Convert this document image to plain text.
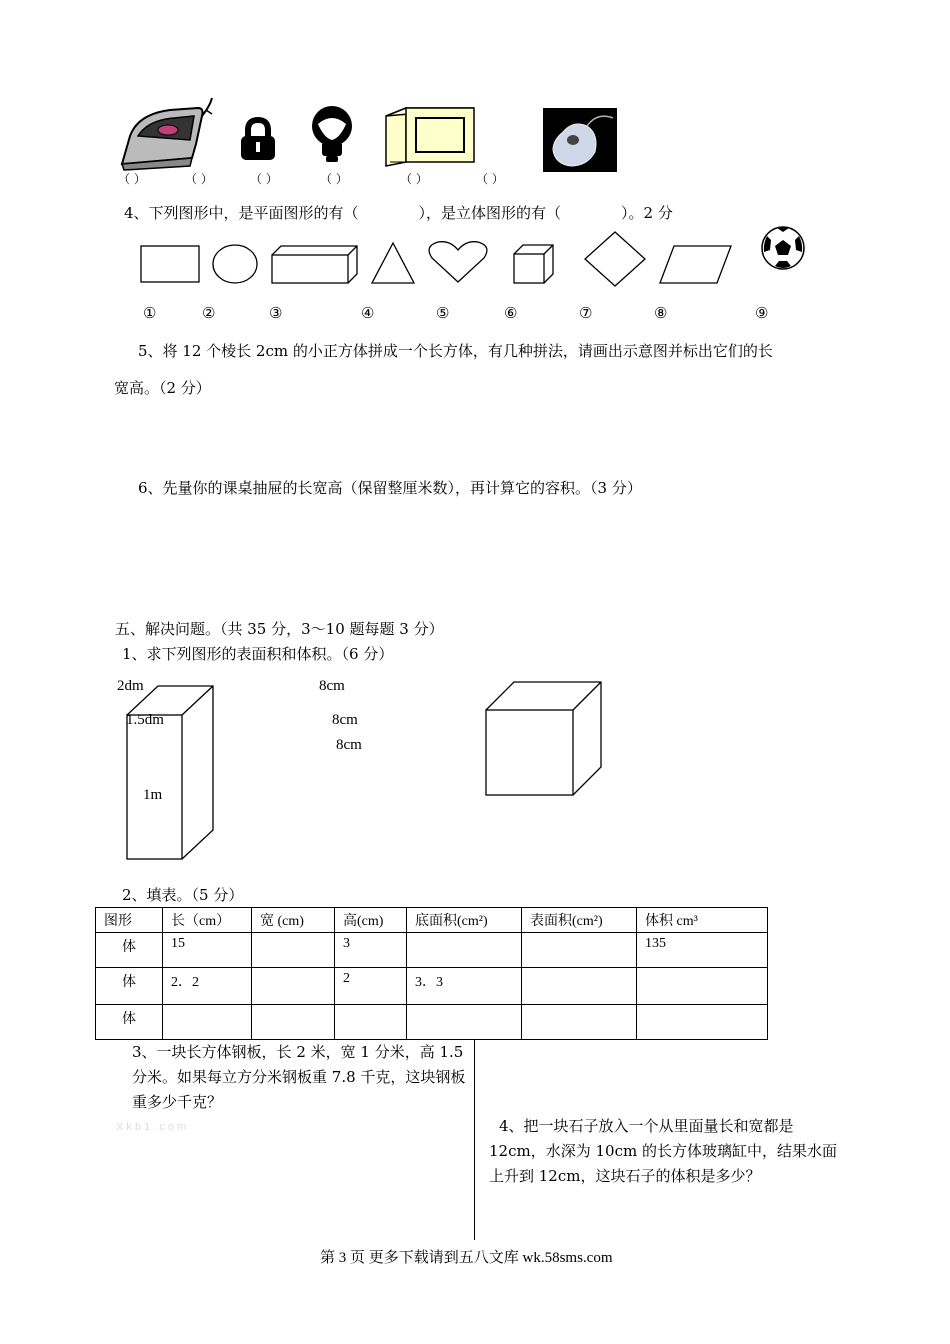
（ ）	（ ）	（ ）	（ ）	（ ）	（ ）
4、下列图形中，是平面图形的有（　　　　），是立体图形的有（　　　　）。2 分
①	②	③	④	⑤	⑥	⑦	⑧	⑨
5、将 12 个棱长 2cm 的小正方体拼成一个长方体，有几种拼法，请画出示意图并标出它们的长
宽高。（2 分）
6、先量你的课桌抽屉的长宽高（保留整厘米数），再计算它的容积。（3 分）
五、解决问题。（共 35 分，3～10 题每题 3 分）
1、求下列图形的表面积和体积。（6 分）
2dm
1.5dm
1m
8cm
8cm
8cm
2、填表。（5 分）
图形	长（cm）	宽 (cm)	高(cm)	底面积(cm²)	表面积(cm²)	体积 cm³
体	15		3			135
体	2．2		2	3．3		
体						
3、一块长方体钢板，长 2 米，宽 1 分米，高 1.5 分米。如果每立方分米钢板重 7.8 千克，这块钢板重多少千克？
X k b 1 . c o m	4、把一块石子放入一个从里面量长和宽都是 12cm，水深为 10cm 的长方体玻璃缸中，结果水面上升到 12cm，这块石子的体积是多少？
第 3 页 更多下载请到五八文库 wk.58sms.com
